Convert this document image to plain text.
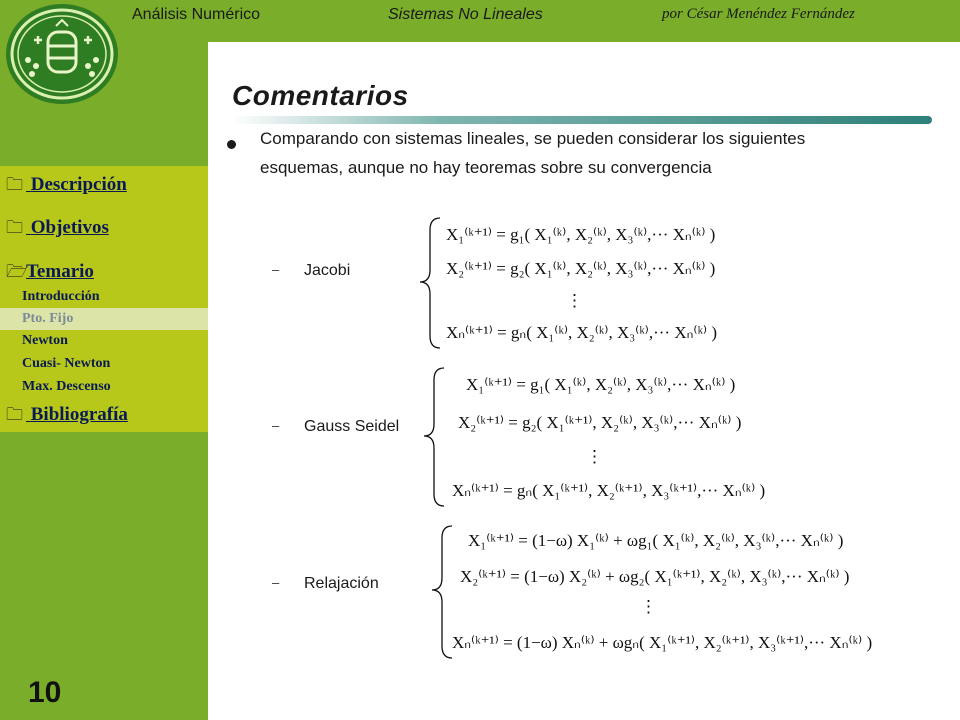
Análisis Numérico	Sistemas No Lineales	por César Menéndez Fernández
Comentarios
🗀 Descripción
🗀 Objetivos
🗁Temario
Introducción
Pto. Fijo
Newton
Cuasi- Newton
Max. Descenso
🗀 Bibliografía
10
Comparando con sistemas lineales, se pueden considerar los siguientes esquemas, aunque no hay teoremas sobre su convergencia
– Jacobi
– Gauss Seidel
– Relajación
X₁⁽ᵏ⁺¹⁾ = g₁( X₁⁽ᵏ⁾, X₂⁽ᵏ⁾, X₃⁽ᵏ⁾,··· Xₙ⁽ᵏ⁾ )
X₂⁽ᵏ⁺¹⁾ = g₂( X₁⁽ᵏ⁾, X₂⁽ᵏ⁾, X₃⁽ᵏ⁾,··· Xₙ⁽ᵏ⁾ )
⋮
Xₙ⁽ᵏ⁺¹⁾ = gₙ( X₁⁽ᵏ⁾, X₂⁽ᵏ⁾, X₃⁽ᵏ⁾,··· Xₙ⁽ᵏ⁾ )
X₁⁽ᵏ⁺¹⁾ = g₁( X₁⁽ᵏ⁾, X₂⁽ᵏ⁾, X₃⁽ᵏ⁾,··· Xₙ⁽ᵏ⁾ )
X₂⁽ᵏ⁺¹⁾ = g₂( X₁⁽ᵏ⁺¹⁾, X₂⁽ᵏ⁾, X₃⁽ᵏ⁾,··· Xₙ⁽ᵏ⁾ )
⋮
Xₙ⁽ᵏ⁺¹⁾ = gₙ( X₁⁽ᵏ⁺¹⁾, X₂⁽ᵏ⁺¹⁾, X₃⁽ᵏ⁺¹⁾,··· Xₙ⁽ᵏ⁾ )
X₁⁽ᵏ⁺¹⁾ = (1−ω) X₁⁽ᵏ⁾ + ωg₁( X₁⁽ᵏ⁾, X₂⁽ᵏ⁾, X₃⁽ᵏ⁾,··· Xₙ⁽ᵏ⁾ )
X₂⁽ᵏ⁺¹⁾ = (1−ω) X₂⁽ᵏ⁾ + ωg₂( X₁⁽ᵏ⁺¹⁾, X₂⁽ᵏ⁾, X₃⁽ᵏ⁾,··· Xₙ⁽ᵏ⁾ )
⋮
Xₙ⁽ᵏ⁺¹⁾ = (1−ω) Xₙ⁽ᵏ⁾ + ωgₙ( X₁⁽ᵏ⁺¹⁾, X₂⁽ᵏ⁺¹⁾, X₃⁽ᵏ⁺¹⁾,··· Xₙ⁽ᵏ⁾ )
